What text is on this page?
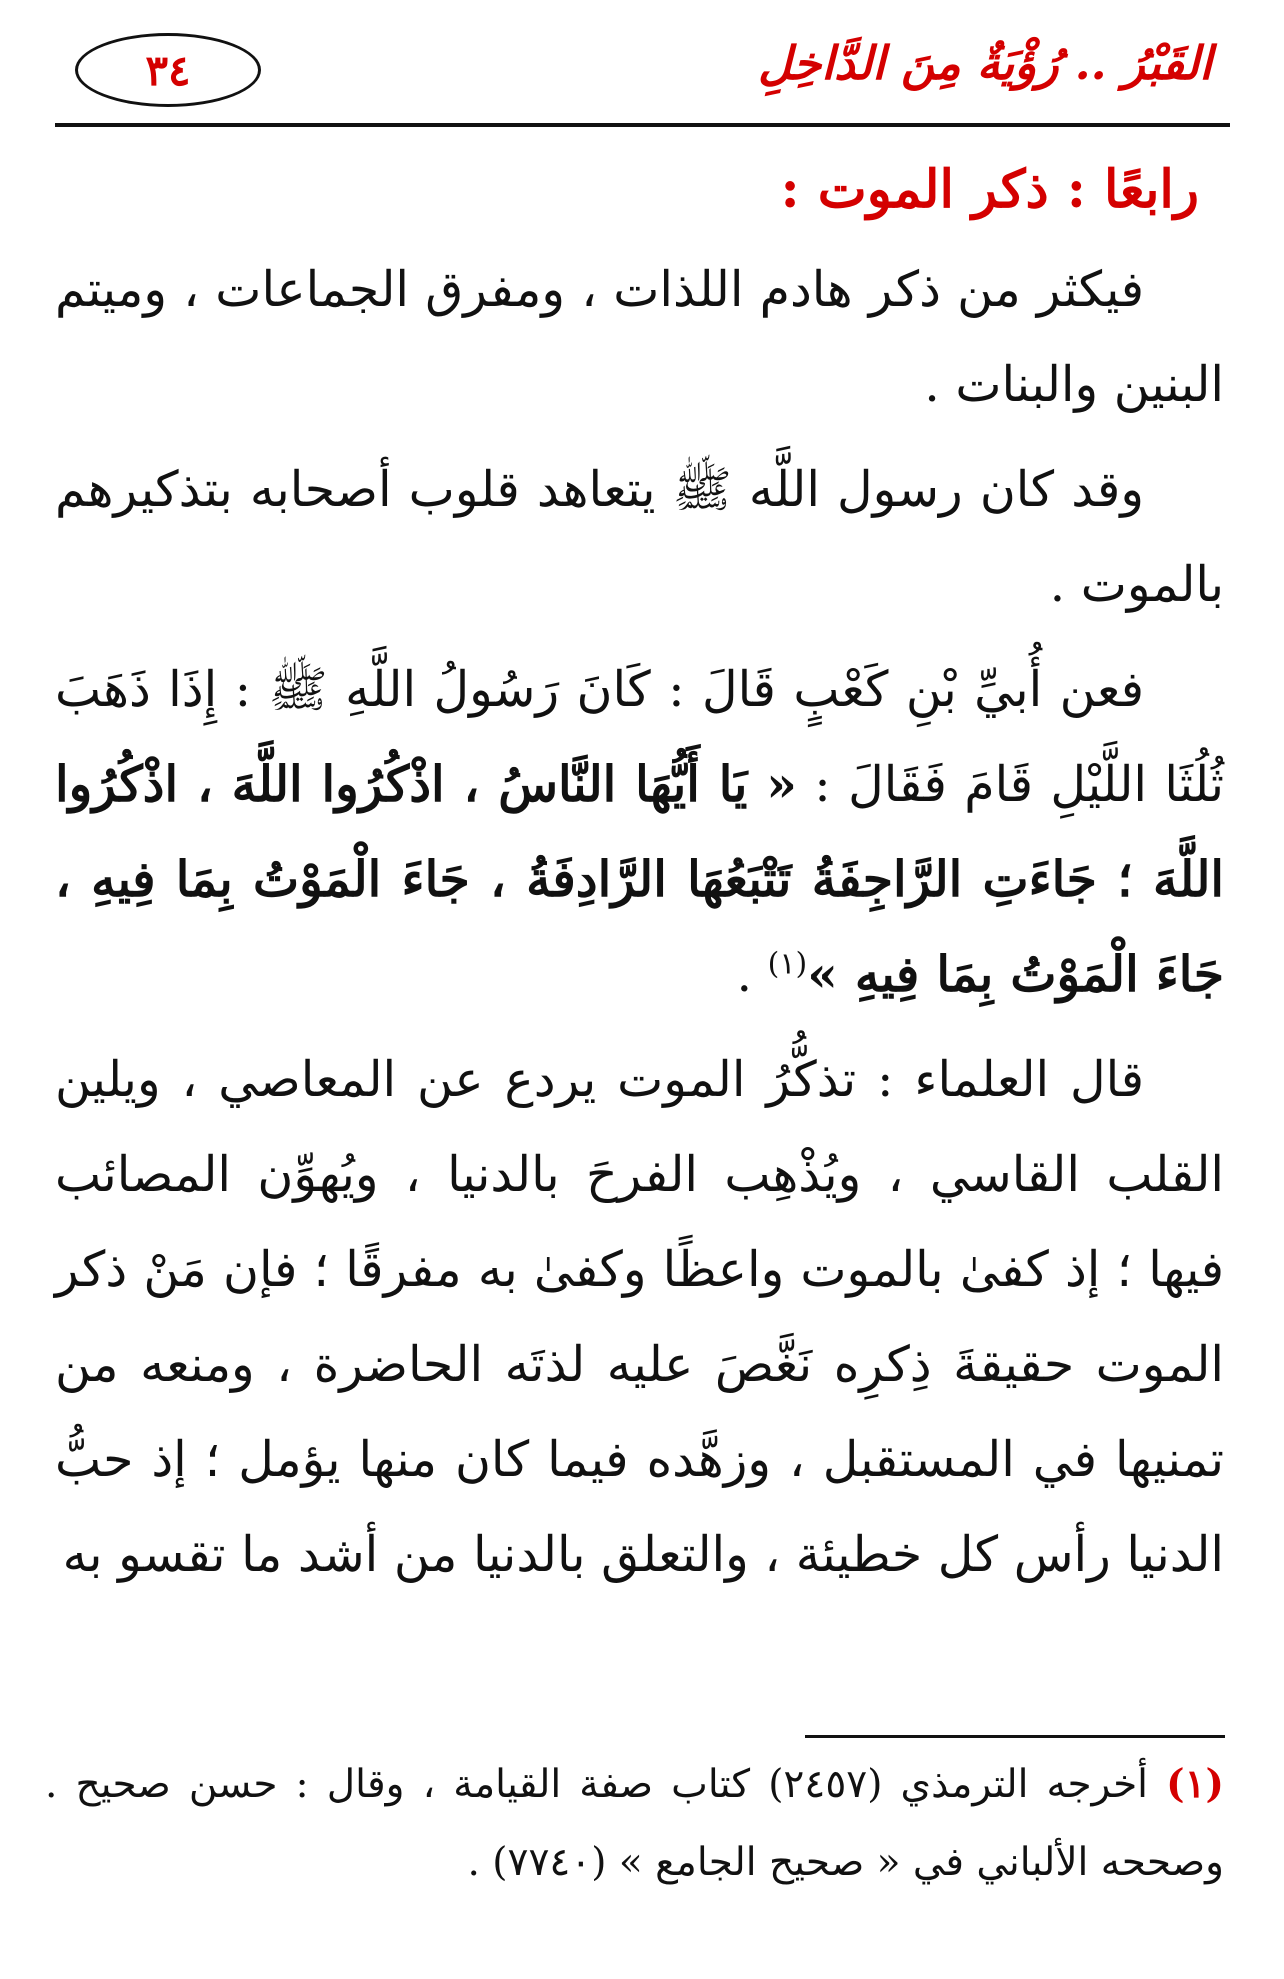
٣٤	القَبْرُ .. رُؤْيَةٌ مِنَ الدَّاخِلِ
رابعًا : ذكر الموت :

فيكثر من ذكر هادم اللذات ، ومفرق الجماعات ، وميتم البنين والبنات .

وقد كان رسول اللَّه ﷺ يتعاهد قلوب أصحابه بتذكيرهم بالموت .

فعن أُبيِّ بْنِ كَعْبٍ قَالَ : كَانَ رَسُولُ اللَّهِ ﷺ : إِذَا ذَهَبَ ثُلُثَا اللَّيْلِ قَامَ فَقَالَ : « يَا أَيُّهَا النَّاسُ ، اذْكُرُوا اللَّهَ ، اذْكُرُوا اللَّهَ ؛ جَاءَتِ الرَّاجِفَةُ تَتْبَعُهَا الرَّادِفَةُ ، جَاءَ الْمَوْتُ بِمَا فِيهِ ، جَاءَ الْمَوْتُ بِمَا فِيهِ »$^{(١)}$ .

قال العلماء : تذكُّرُ الموت يردع عن المعاصي ، ويلين القلب القاسي ، ويُذْهِب الفرحَ بالدنيا ، ويُهوِّن المصائب فيها ؛ إذ كفىٰ بالموت واعظًا وكفىٰ به مفرقًا ؛ فإن مَنْ ذكر الموت حقيقةَ ذِكرِه نَغَّصَ عليه لذتَه الحاضرة ، ومنعه من تمنيها في المستقبل ، وزهَّده فيما كان منها يؤمل ؛ إذ حبُّ الدنيا رأس كل خطيئة ، والتعلق بالدنيا من أشد ما تقسو به

(١) أخرجه الترمذي (٢٤٥٧) كتاب صفة القيامة ، وقال : حسن صحيح . وصححه الألباني في « صحيح الجامع » (٧٧٤٠) .
